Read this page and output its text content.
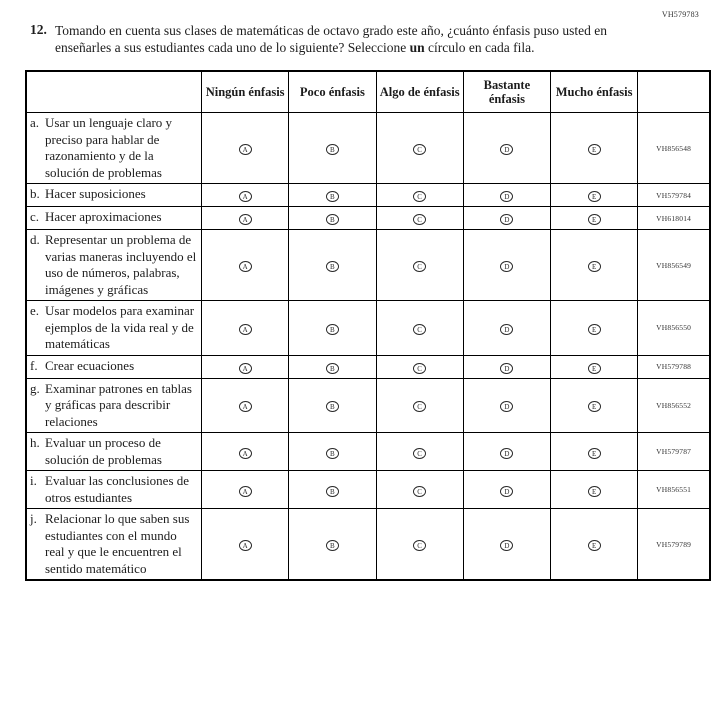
VH579783
12. Tomando en cuenta sus clases de matemáticas de octavo grado este año, ¿cuánto énfasis puso usted en enseñarles a sus estudiantes cada uno de lo siguiente? Seleccione un círculo en cada fila.
	Ningún énfasis	Poco énfasis	Algo de énfasis	Bastante énfasis	Mucho énfasis	

a. Usar un lenguaje claro y preciso para hablar de razonamiento y de la solución de problemas	A	B	C	D	E	VH856548

b. Hacer suposiciones	A	B	C	D	E	VH579784

c. Hacer aproximaciones	A	B	C	D	E	VH618014

d. Representar un problema de varias maneras incluyendo el uso de números, palabras, imágenes y gráficas	A	B	C	D	E	VH856549

e. Usar modelos para examinar ejemplos de la vida real y de matemáticas	A	B	C	D	E	VH856550

f. Crear ecuaciones	A	B	C	D	E	VH579788

g. Examinar patrones en tablas y gráficas para describir relaciones	A	B	C	D	E	VH856552

h. Evaluar un proceso de solución de problemas	A	B	C	D	E	VH579787

i. Evaluar las conclusiones de otros estudiantes	A	B	C	D	E	VH856551

j. Relacionar lo que saben sus estudiantes con el mundo real y que le encuentren el sentido matemático	A	B	C	D	E	VH579789
